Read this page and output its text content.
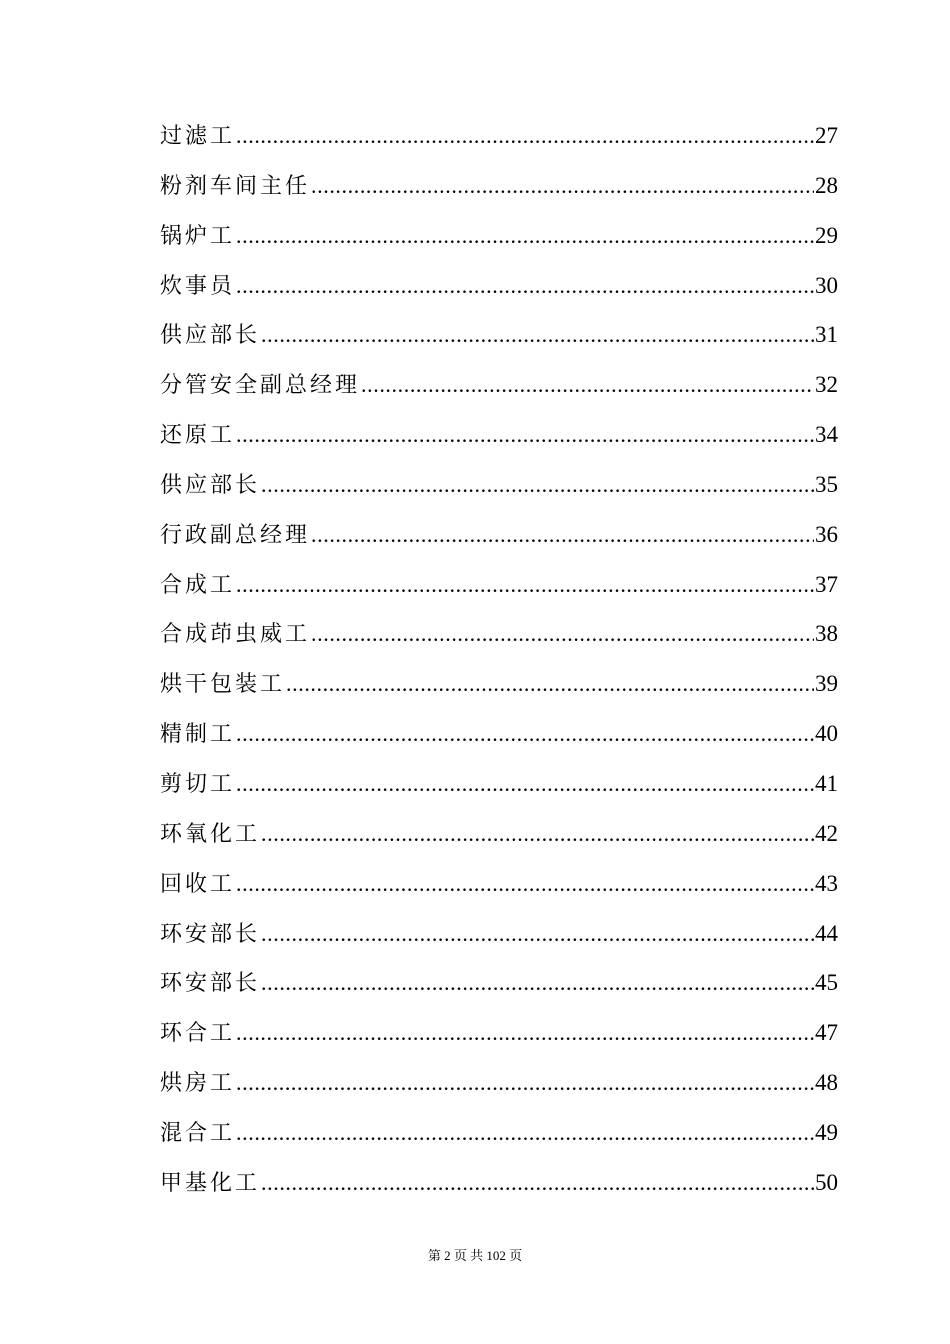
过滤工 .....	27
粉剂车间主任 .....	28
锅炉工 .....	29
炊事员 .....	30
供应部长 .....	31
分管安全副总经理 .....	32
还原工 .....	34
供应部长 .....	35
行政副总经理 .....	36
合成工 .....	37
合成茚虫威工 .....	38
烘干包装工 .....	39
精制工 .....	40
剪切工 .....	41
环氧化工 .....	42
回收工 .....	43
环安部长 .....	44
环安部长 .....	45
环合工 .....	47
烘房工 .....	48
混合工 .....	49
甲基化工 .....	50
第 2 页 共 102 页
